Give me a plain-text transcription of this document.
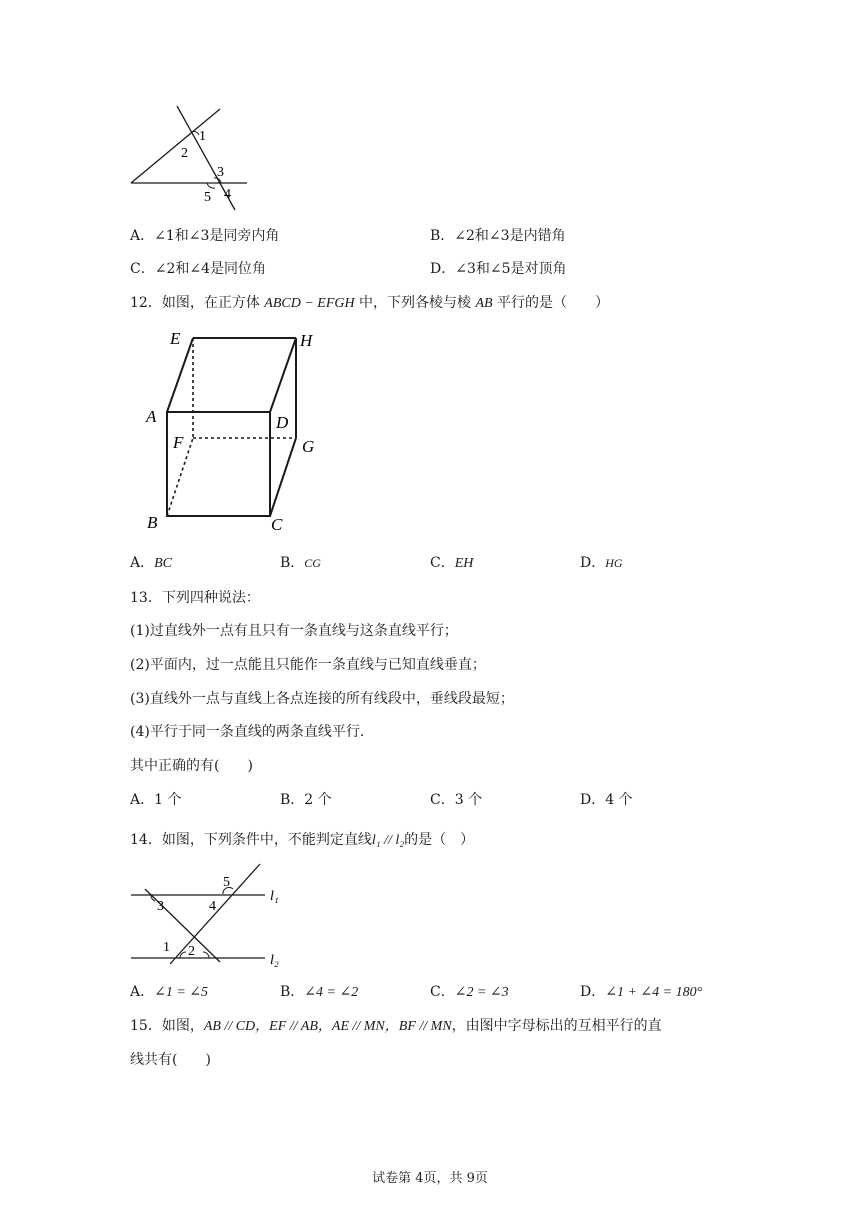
1
2
3
4
5
A．∠1和∠3是同旁内角	B．∠2和∠3是内错角
C．∠2和∠4是同位角	D．∠3和∠5是对顶角
12．如图，在正方体 ABCD − EFGH 中，下列各棱与棱 AB 平行的是（　　）
E	H
A	D
F	G
B	C
A．BC	B．CG	C．EH	D．HG
13．下列四种说法：
(1)过直线外一点有且只有一条直线与这条直线平行；
(2)平面内，过一点能且只能作一条直线与已知直线垂直；
(3)直线外一点与直线上各点连接的所有线段中，垂线段最短；
(4)平行于同一条直线的两条直线平行.
其中正确的有(　　)
A．1 个	B．2 个	C．3 个	D．4 个
14．如图，下列条件中，不能判定直线l₁ // l₂的是（　）
5
3	4
1 2
l₁
l₂
A．∠1 = ∠5	B．∠4 = ∠2	C．∠2 = ∠3	D．∠1 + ∠4 = 180°
15．如图，AB // CD，EF // AB，AE // MN，BF // MN，由图中字母标出的互相平行的直
线共有(　　)
试卷第 4页，共 9页
